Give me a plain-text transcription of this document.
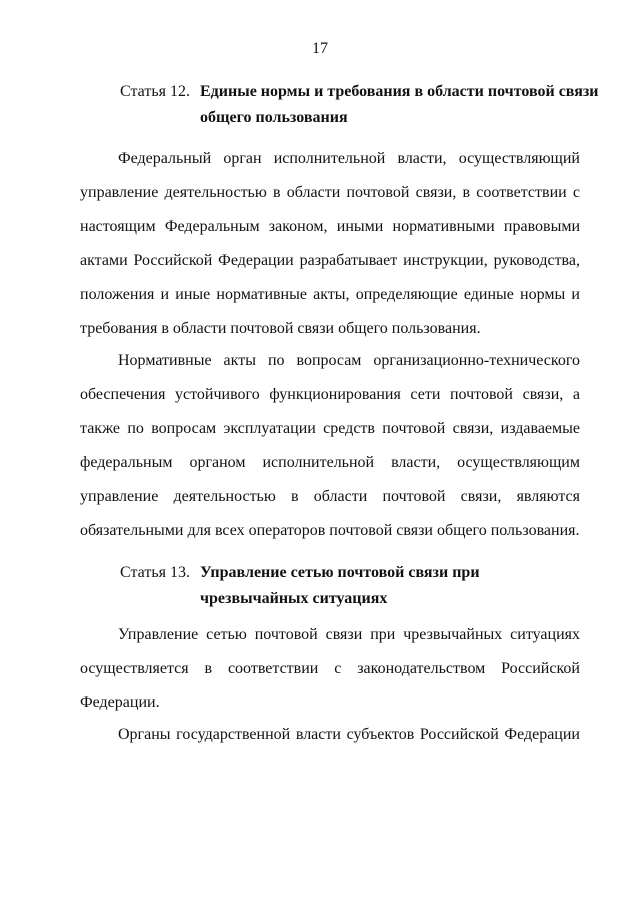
17
Статья 12. Единые нормы и требования в области почтовой связи
общего пользования
Федеральный орган исполнительной власти, осуществляющий
управление деятельностью в области почтовой связи, в соответствии с
настоящим Федеральным законом, иными нормативными правовыми
актами Российской Федерации разрабатывает инструкции, руководства,
положения и иные нормативные акты, определяющие единые нормы и
требования в области почтовой связи общего пользования.
Нормативные акты по вопросам организационно-технического
обеспечения устойчивого функционирования сети почтовой связи, а
также по вопросам эксплуатации средств почтовой связи, издаваемые
федеральным органом исполнительной власти, осуществляющим
управление деятельностью в области почтовой связи, являются
обязательными для всех операторов почтовой связи общего пользования.
Статья 13. Управление сетью почтовой связи при
чрезвычайных ситуациях
Управление сетью почтовой связи при чрезвычайных ситуациях
осуществляется в соответствии с законодательством Российской
Федерации.
Органы государственной власти субъектов Российской Федерации
